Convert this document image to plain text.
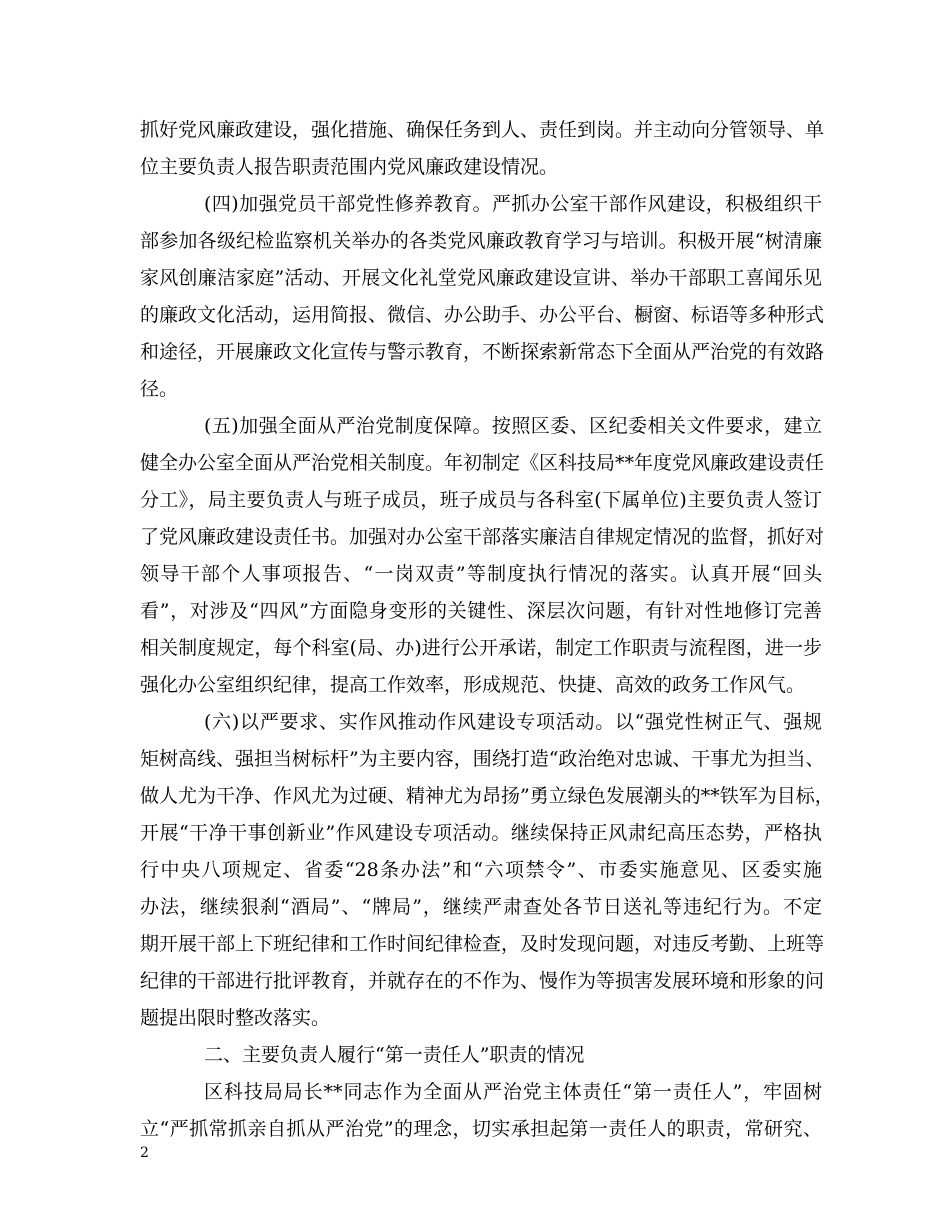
抓好党风廉政建设，强化措施、确保任务到人、责任到岗。并主动向分管领导、单
位主要负责人报告职责范围内党风廉政建设情况。
(四)加强党员干部党性修养教育。严抓办公室干部作风建设，积极组织干
部参加各级纪检监察机关举办的各类党风廉政教育学习与培训。积极开展“树清廉
家风创廉洁家庭”活动、开展文化礼堂党风廉政建设宣讲、举办干部职工喜闻乐见
的廉政文化活动，运用简报、微信、办公助手、办公平台、橱窗、标语等多种形式
和途径，开展廉政文化宣传与警示教育，不断探索新常态下全面从严治党的有效路
径。
(五)加强全面从严治党制度保障。按照区委、区纪委相关文件要求，建立
健全办公室全面从严治党相关制度。年初制定《区科技局**年度党风廉政建设责任
分工》，局主要负责人与班子成员，班子成员与各科室(下属单位)主要负责人签订
了党风廉政建设责任书。加强对办公室干部落实廉洁自律规定情况的监督，抓好对
领导干部个人事项报告、“一岗双责”等制度执行情况的落实。认真开展“回头
看”，对涉及“四风”方面隐身变形的关键性、深层次问题，有针对性地修订完善
相关制度规定，每个科室(局、办)进行公开承诺，制定工作职责与流程图，进一步
强化办公室组织纪律，提高工作效率，形成规范、快捷、高效的政务工作风气。
(六)以严要求、实作风推动作风建设专项活动。以“强党性树正气、强规
矩树高线、强担当树标杆”为主要内容，围绕打造“政治绝对忠诚、干事尤为担当、
做人尤为干净、作风尤为过硬、精神尤为昂扬”勇立绿色发展潮头的**铁军为目标，
开展“干净干事创新业”作风建设专项活动。继续保持正风肃纪高压态势，严格执
行中央八项规定、省委“28条办法”和“六项禁令”、市委实施意见、区委实施
办法，继续狠刹“酒局”、“牌局”，继续严肃查处各节日送礼等违纪行为。不定
期开展干部上下班纪律和工作时间纪律检查，及时发现问题，对违反考勤、上班等
纪律的干部进行批评教育，并就存在的不作为、慢作为等损害发展环境和形象的问
题提出限时整改落实。
二、主要负责人履行“第一责任人”职责的情况
区科技局局长**同志作为全面从严治党主体责任“第一责任人”，牢固树
立“严抓常抓亲自抓从严治党”的理念，切实承担起第一责任人的职责，常研究、
2
